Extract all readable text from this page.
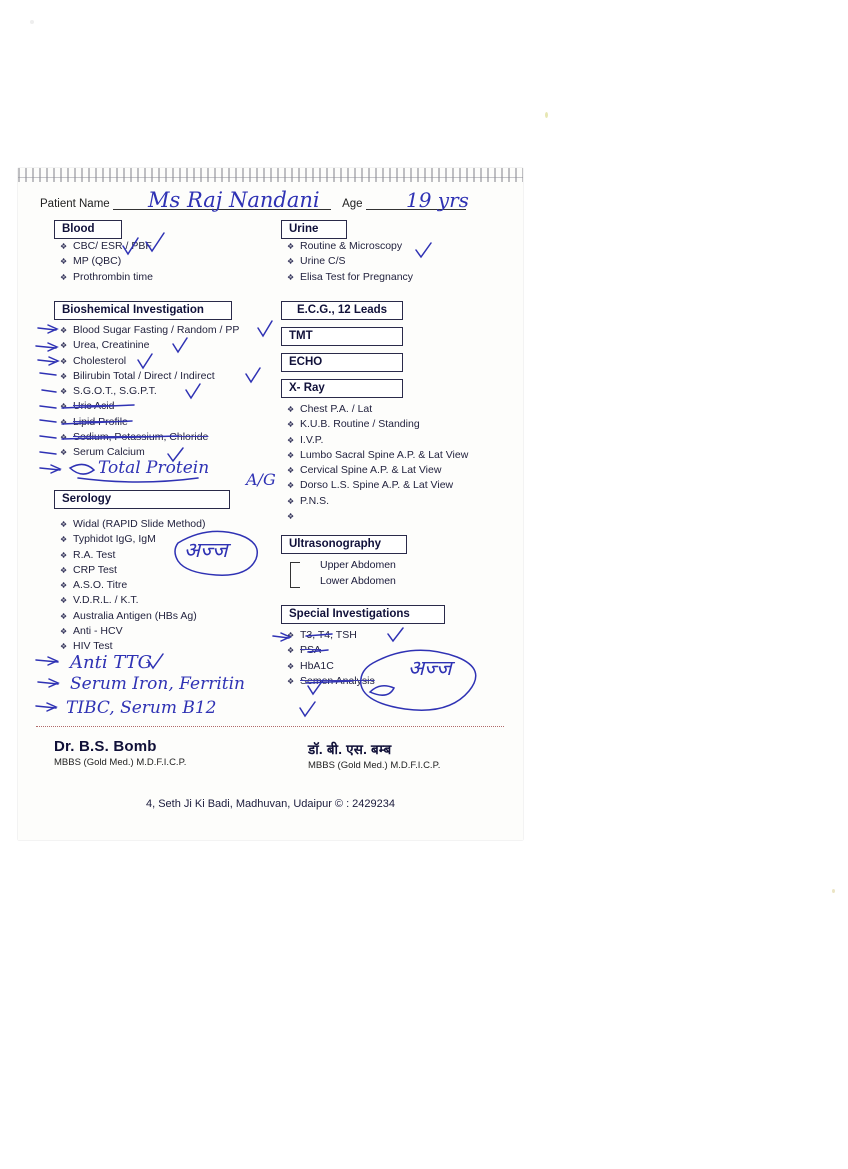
Patient Name	Age
Blood
❖ CBC/ ESR / PBF
❖ MP (QBC)
❖ Prothrombin time
Urine
❖ Routine & Microscopy
❖ Urine C/S
❖ Elisa Test for Pregnancy
Bioshemical Investigation
❖ Blood Sugar Fasting / Random / PP
❖ Urea, Creatinine
❖ Cholesterol
❖ Bilirubin Total / Direct / Indirect
❖ S.G.O.T., S.G.P.T.
❖ Uric Acid
❖ Lipid Profile
❖ Sodium, Potassium, Chloride
❖ Serum Calcium
E.C.G., 12 Leads
TMT
ECHO
X- Ray
❖ Chest P.A. / Lat
❖ K.U.B. Routine / Standing
❖ I.V.P.
❖ Lumbo Sacral Spine A.P. & Lat View
❖ Cervical Spine A.P. & Lat View
❖ Dorso L.S. Spine A.P. & Lat View
❖ P.N.S.
Serology
❖ Widal (RAPID Slide Method)
❖ Typhidot IgG, IgM
❖ R.A. Test
❖ CRP Test
❖ A.S.O. Titre
❖ V.D.R.L. / K.T.
❖ Australia Antigen (HBs Ag)
❖ Anti - HCV
❖ HIV Test
Ultrasonography
Upper Abdomen
Lower Abdomen
Special Investigations
❖ T3, T4, TSH
❖ PSA
❖ HbA1C
❖ Semen Analysis
Dr. B.S. Bomb
MBBS (Gold Med.) M.D.F.I.C.P.
डॉ. बी. एस. बम्ब
MBBS (Gold Med.) M.D.F.I.C.P.
4, Seth Ji Ki Badi, Madhuvan, Udaipur © : 2429234
Ms Raj Nandani	19 yrs
Total Protein
A/G
Anti TTG
Serum Iron, Ferritin
TIBC, Serum B12
अज्ज
अज्ज
